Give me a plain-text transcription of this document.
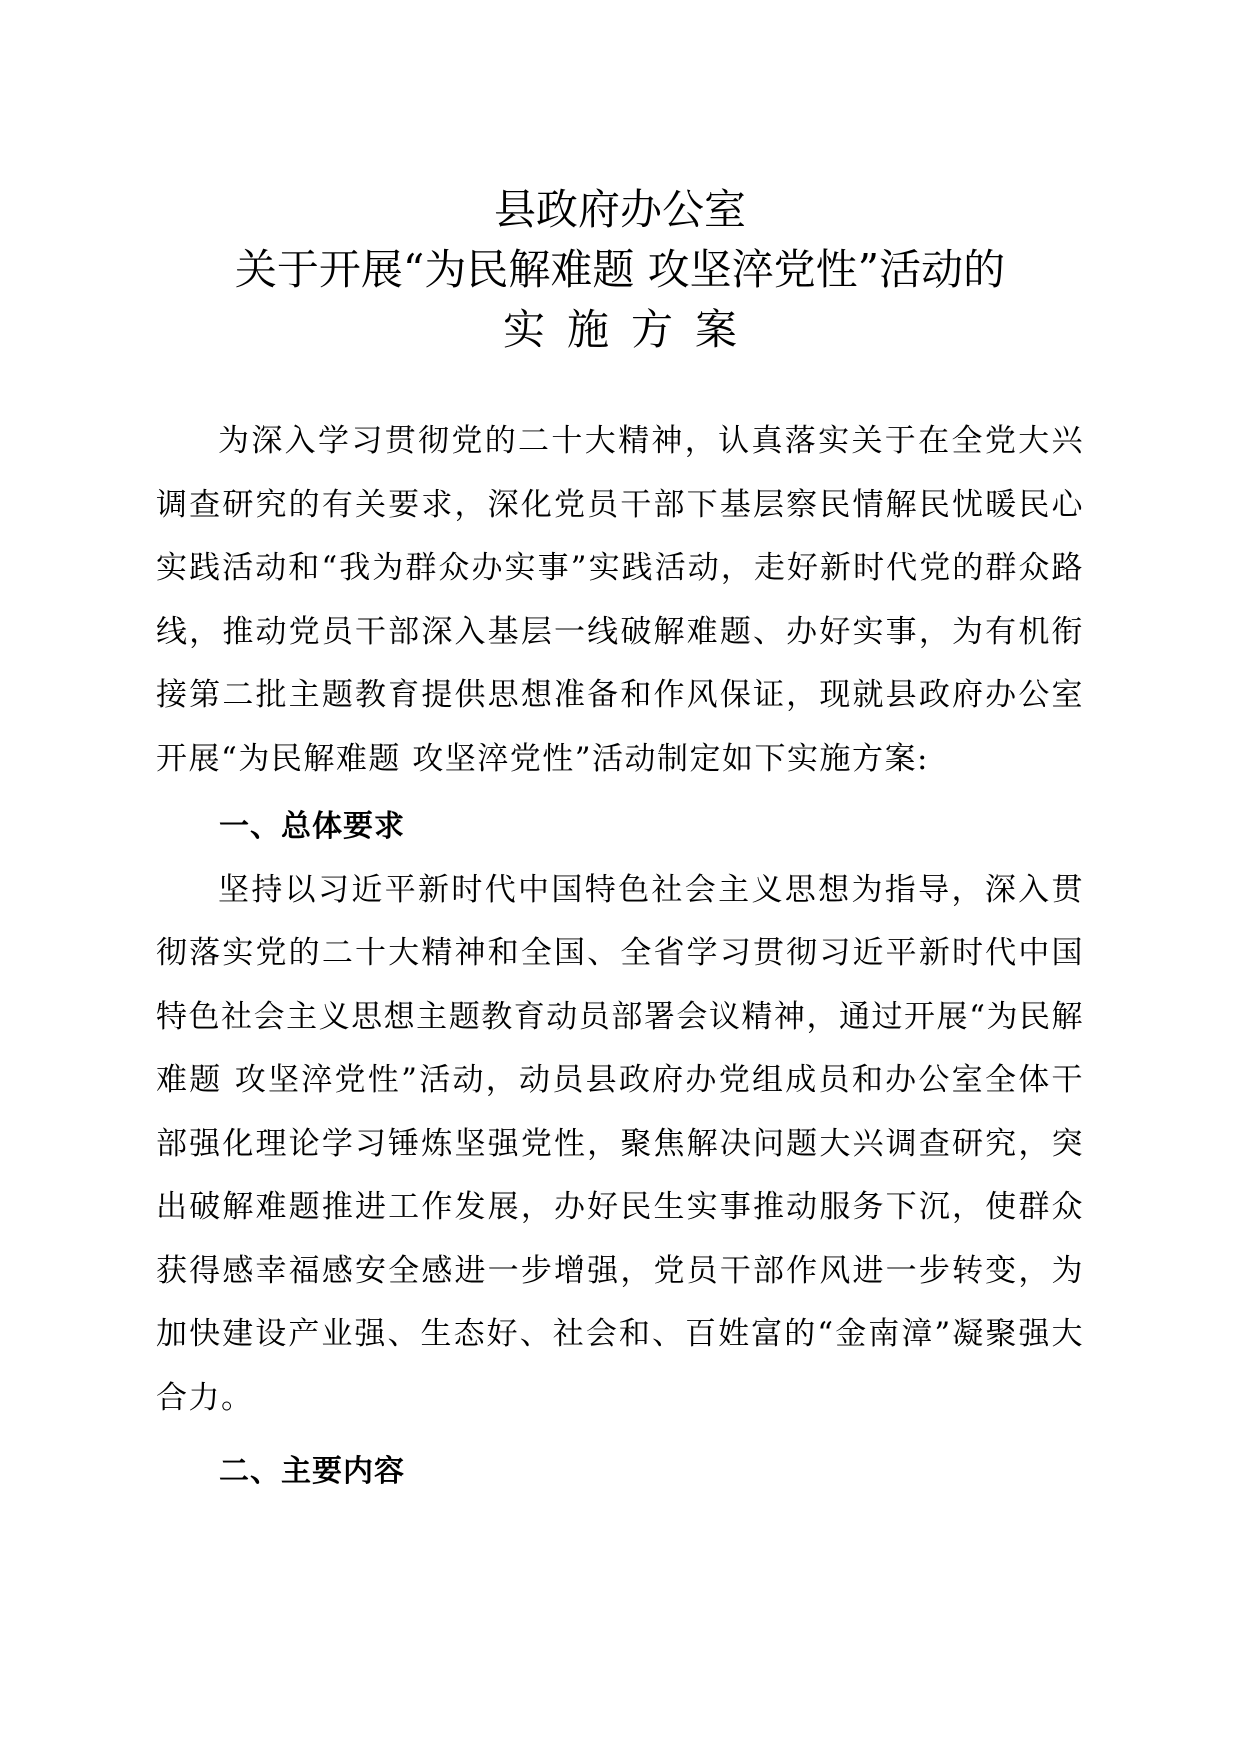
县政府办公室
关于开展“为民解难题 攻坚淬党性”活动的
实施方案

为深入学习贯彻党的二十大精神，认真落实关于在全党大兴调查研究的有关要求，深化党员干部下基层察民情解民忧暖民心实践活动和“我为群众办实事”实践活动，走好新时代党的群众路线，推动党员干部深入基层一线破解难题、办好实事，为有机衔接第二批主题教育提供思想准备和作风保证，现就县政府办公室开展“为民解难题 攻坚淬党性”活动制定如下实施方案:

一、总体要求

坚持以习近平新时代中国特色社会主义思想为指导，深入贯彻落实党的二十大精神和全国、全省学习贯彻习近平新时代中国特色社会主义思想主题教育动员部署会议精神，通过开展“为民解难题 攻坚淬党性”活动，动员县政府办党组成员和办公室全体干部强化理论学习锤炼坚强党性，聚焦解决问题大兴调查研究，突出破解难题推进工作发展，办好民生实事推动服务下沉，使群众获得感幸福感安全感进一步增强，党员干部作风进一步转变，为加快建设产业强、生态好、社会和、百姓富的“金南漳”凝聚强大合力。

二、主要内容
